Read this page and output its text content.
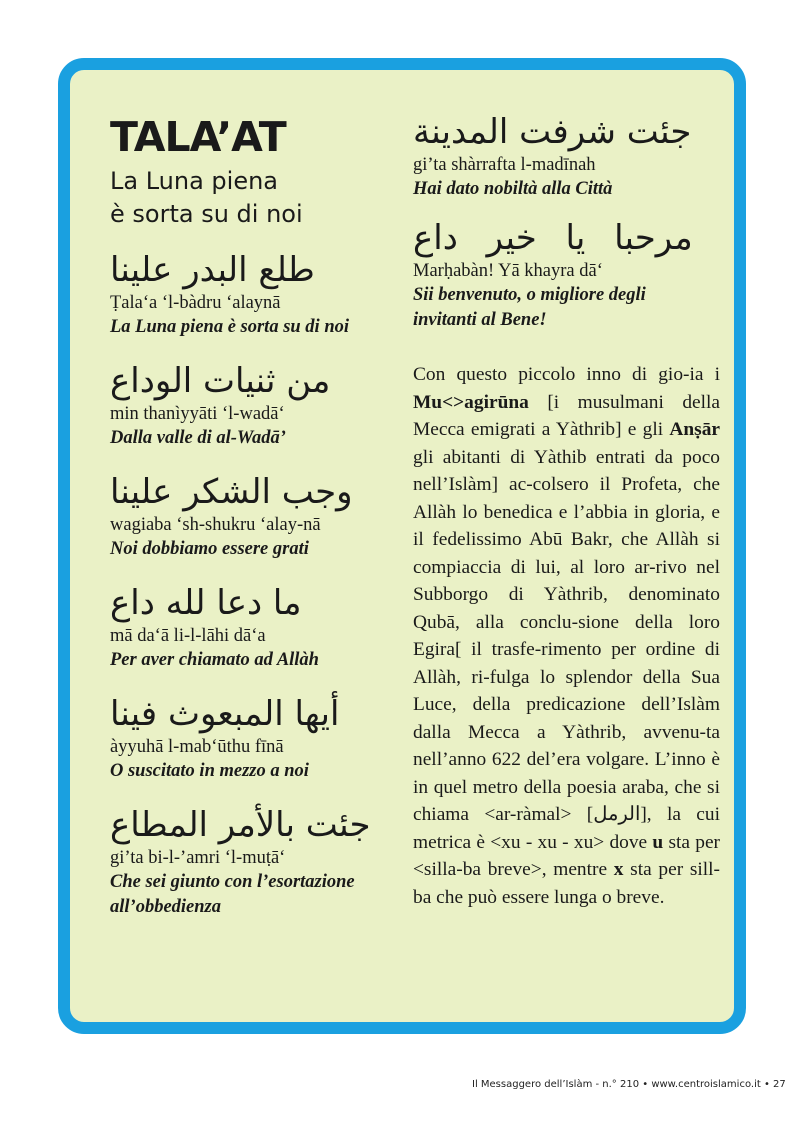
TALA’AT
La Luna piena
è sorta su di noi
طلع البدر علينا
Ṭala‘a ‘l-bàdru ‘alaynā
La Luna piena è sorta su di noi
من ثنيات الوداع
min thanìyyāti ‘l-wadā‘
Dalla valle di al-Wadā’
وجب الشكر علينا
wagiaba ‘sh-shukru ‘alay-nā
Noi dobbiamo essere grati
ما دعا لله داع
mā da‘ā li-l-lāhi dā‘a
Per aver chiamato ad Allàh
أيها المبعوث فينا
àyyuhā l-mab‘ūthu fīnā
O suscitato in mezzo a noi
جئت بالأمر المطاع
gi’ta bi-l-’amri ‘l-muṭā‘
Che sei giunto con l’esortazione
all’obbedienza
جئت شرفت المدينة
gi’ta shàrrafta l-madīnah
Hai dato nobiltà alla Città
مرحبا يا خير داع
Marḥabàn! Yā khayra dā‘
Sii benvenuto, o migliore degli
invitanti al Bene!

Con questo piccolo inno di gio-ia i Mu<>agirūna [i musulmani della Mecca emigrati a Yàthrib] e gli Anṣār gli abitanti di Yàthib entrati da poco nell’Islàm] ac-colsero il Profeta, che Allàh lo benedica e l’abbia in gloria, e il fedelissimo Abū Bakr, che Allàh si compiaccia di lui, al loro ar-rivo nel Subborgo di Yàthrib, denominato Qubā, alla conclu-sione della loro Egira[ il trasfe-rimento per ordine di Allàh, ri-fulga lo splendor della Sua Luce, della predicazione dell’Islàm dalla Mecca a Yàthrib, avvenu-ta nell’anno 622 del’era volgare. L’inno è in quel metro della poesia araba, che si chiama <ar-ràmal> [الرمل], la cui metrica è <xu - xu - xu> dove u sta per <silla-ba breve>, mentre x sta per sill-ba che può essere lunga o breve.

Il Messaggero dell’Islàm - n.° 210 • www.centroislamico.it • 27
